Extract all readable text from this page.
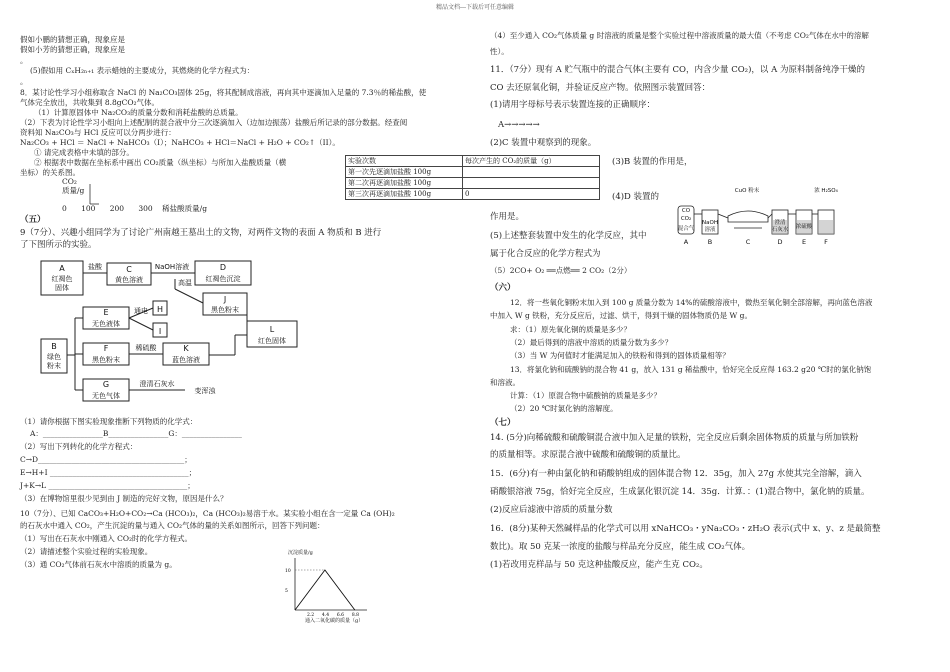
精品文档---下载后可任意编辑
假如小鹏的猜想正确，现象应是
假如小芳的猜想正确，现象应是
。
(5)假如用 CₓH₂ₙ₊₁ 表示蜡烛的主要成分，其燃烧的化学方程式为：
。
8．某讨论性学习小组称取含 NaCl 的 Na₂CO₃固体 25g，将其配制成溶液，再向其中逐滴加入足量的 7.3％的稀盐酸，使
气体完全放出，共收集到 8.8gCO₂气体。
（1）计算原固体中 Na₂CO₃的质量分数和消耗盐酸的总质量。
（2）下表为讨论性学习小组向上述配制的混合液中分三次逐滴加入（边加边振荡）盐酸后所记录的部分数据。经查阅
资料知 Na₂CO₃与 HCl 反应可以分两步进行：
Na₂CO₃ + HCl ＝ NaCl + NaHCO₃（I）；NaHCO₃ + HCl＝NaCl + H₂O + CO₂↑（II）。
① 请完成表格中未填的部分。
② 根据表中数据在坐标系中画出 CO₂质量（纵坐标）与所加入盐酸质量（横
坐标）的关系图。
CO₂
质量/g
0      100      200      300    稀盐酸质量/g
（五）
9（7分）、兴趣小组同学为了讨论广州南越王墓出土的文物，对两件文物的表面 A 物质和 B 进行
了下图所示的实验。
A
红褐色
固体
盐酸	C
黄色溶液
NaOH溶液	D
红褐色沉淀
高温
E
无色液体
通电 H
I
J
黑色粉末
L
红色固体
B
绿色
粉末
F
黑色粉末
稀硫酸	K
蓝色溶液
G
无色气体
澄清石灰水
变浑浊
（1）请你根据下图实验现象推断下列物质的化学式：
A：________________B________________G：________________
（2）写出下列转化的化学方程式：
C→D_______________________________________；
E→H+I _____________________________________；
J+K→L _____________________________________；
（3）在博物馆里很少见到由 J 制造的完好文物，原因是什么？
10（7分）、已知 CaCO₃+H₂O+CO₂→Ca (HCO₃)₂，Ca (HCO₃)₂易溶于水。某实验小组在含一定量 Ca (OH)₂
的石灰水中通入 CO₂，产生沉淀的量与通入 CO₂气体的量的关系如图所示，回答下列问题：
（1）写出在石灰水中刚通入 CO₂时的化学方程式。
（2）请描述整个实验过程的实验现象。
（3）通 CO₂气体前石灰水中溶质的质量为 g。
沉淀质量/g
2.2 4.4 6.6 8.8
5
10
通入二氧化碳的质量（g）
实验次数	每次产生的 CO₂的质量（g）
第一次先逐滴加盐酸 100g	
第二次再逐滴加盐酸 100g	
第三次再逐滴加盐酸 100g	0
（4）至少通入 CO₂气体质量 g 时溶液的质量是整个实验过程中溶液质量的最大值（不考虑 CO₂气体在水中的溶解
性）。
11．（7分）现有 A 贮气瓶中的混合气体(主要有 CO，内含少量 CO₂)，以 A 为原料制备纯净干燥的
CO 去还原氧化铜，并验证反应产物。依照图示装置回答：
(1)请用字母标号表示装置连接的正确顺序：
A→→→→→
(2)C 装置中观察到的现象。
(3)B 装置的作用是，
(4)D 装置的
作用是。
(5)上述整套装置中发生的化学反应，其中
属于化合反应的化学方程式为
（5）2CO+ O₂ ══点燃══ 2 CO₂（2分）
CuO 粉末	浓 H₂SO₄
CO
CO₂
混合气
NaOH
溶液
澄清
石灰水 浓硫酸
A	B	C	D	E	F
（六）
12．将一些氧化铜粉末加入到 100 g 质量分数为 14%的硫酸溶液中，微热至氧化铜全部溶解，再向蓝色溶液
中加入 W g 铁粉，充分反应后，过滤、烘干，得到干燥的固体物质仍是 W g。
求：（1）原先氧化铜的质量是多少？
（2）最后得到的溶液中溶质的质量分数为多少？
（3）当 W 为何值时才能满足加入的铁粉和得到的固体质量相等？
13．将氯化钠和硫酸钠的混合物 41 g，放入 131 g 稀盐酸中，恰好完全反应得 163.2 g20 ℃时的氯化钠饱
和溶液。
计算：（1）原混合物中硫酸钠的质量是多少？
（2）20 ℃时氯化钠的溶解度。
（七）
14. (5分)向稀硫酸和硫酸铜混合液中加入足量的铁粉，完全反应后剩余固体物质的质量与所加铁粉
的质量相等。求原混合液中硫酸和硫酸铜的质量比。
15．(6分)有一种由氯化钠和硝酸钠组成的固体混合物 12．35g，加入 27g 水使其完全溶解，滴入
硝酸银溶液 75g，恰好完全反应，生成氯化银沉淀 14．35g．计算．：(1)混合物中，氯化钠的质量。
(2)反应后滤液中溶质的质量分数
16．(8分)某种天然碱样品的化学式可以用 xNaHCO₃・yNa₂CO₃・zH₂O 表示(式中 x、y、z 是最简整
数比)。取 50 克某一浓度的盐酸与样品充分反应，能生成 CO₂气体。
(1)若改用克样品与 50 克这种盐酸反应，能产生克 CO₂。
